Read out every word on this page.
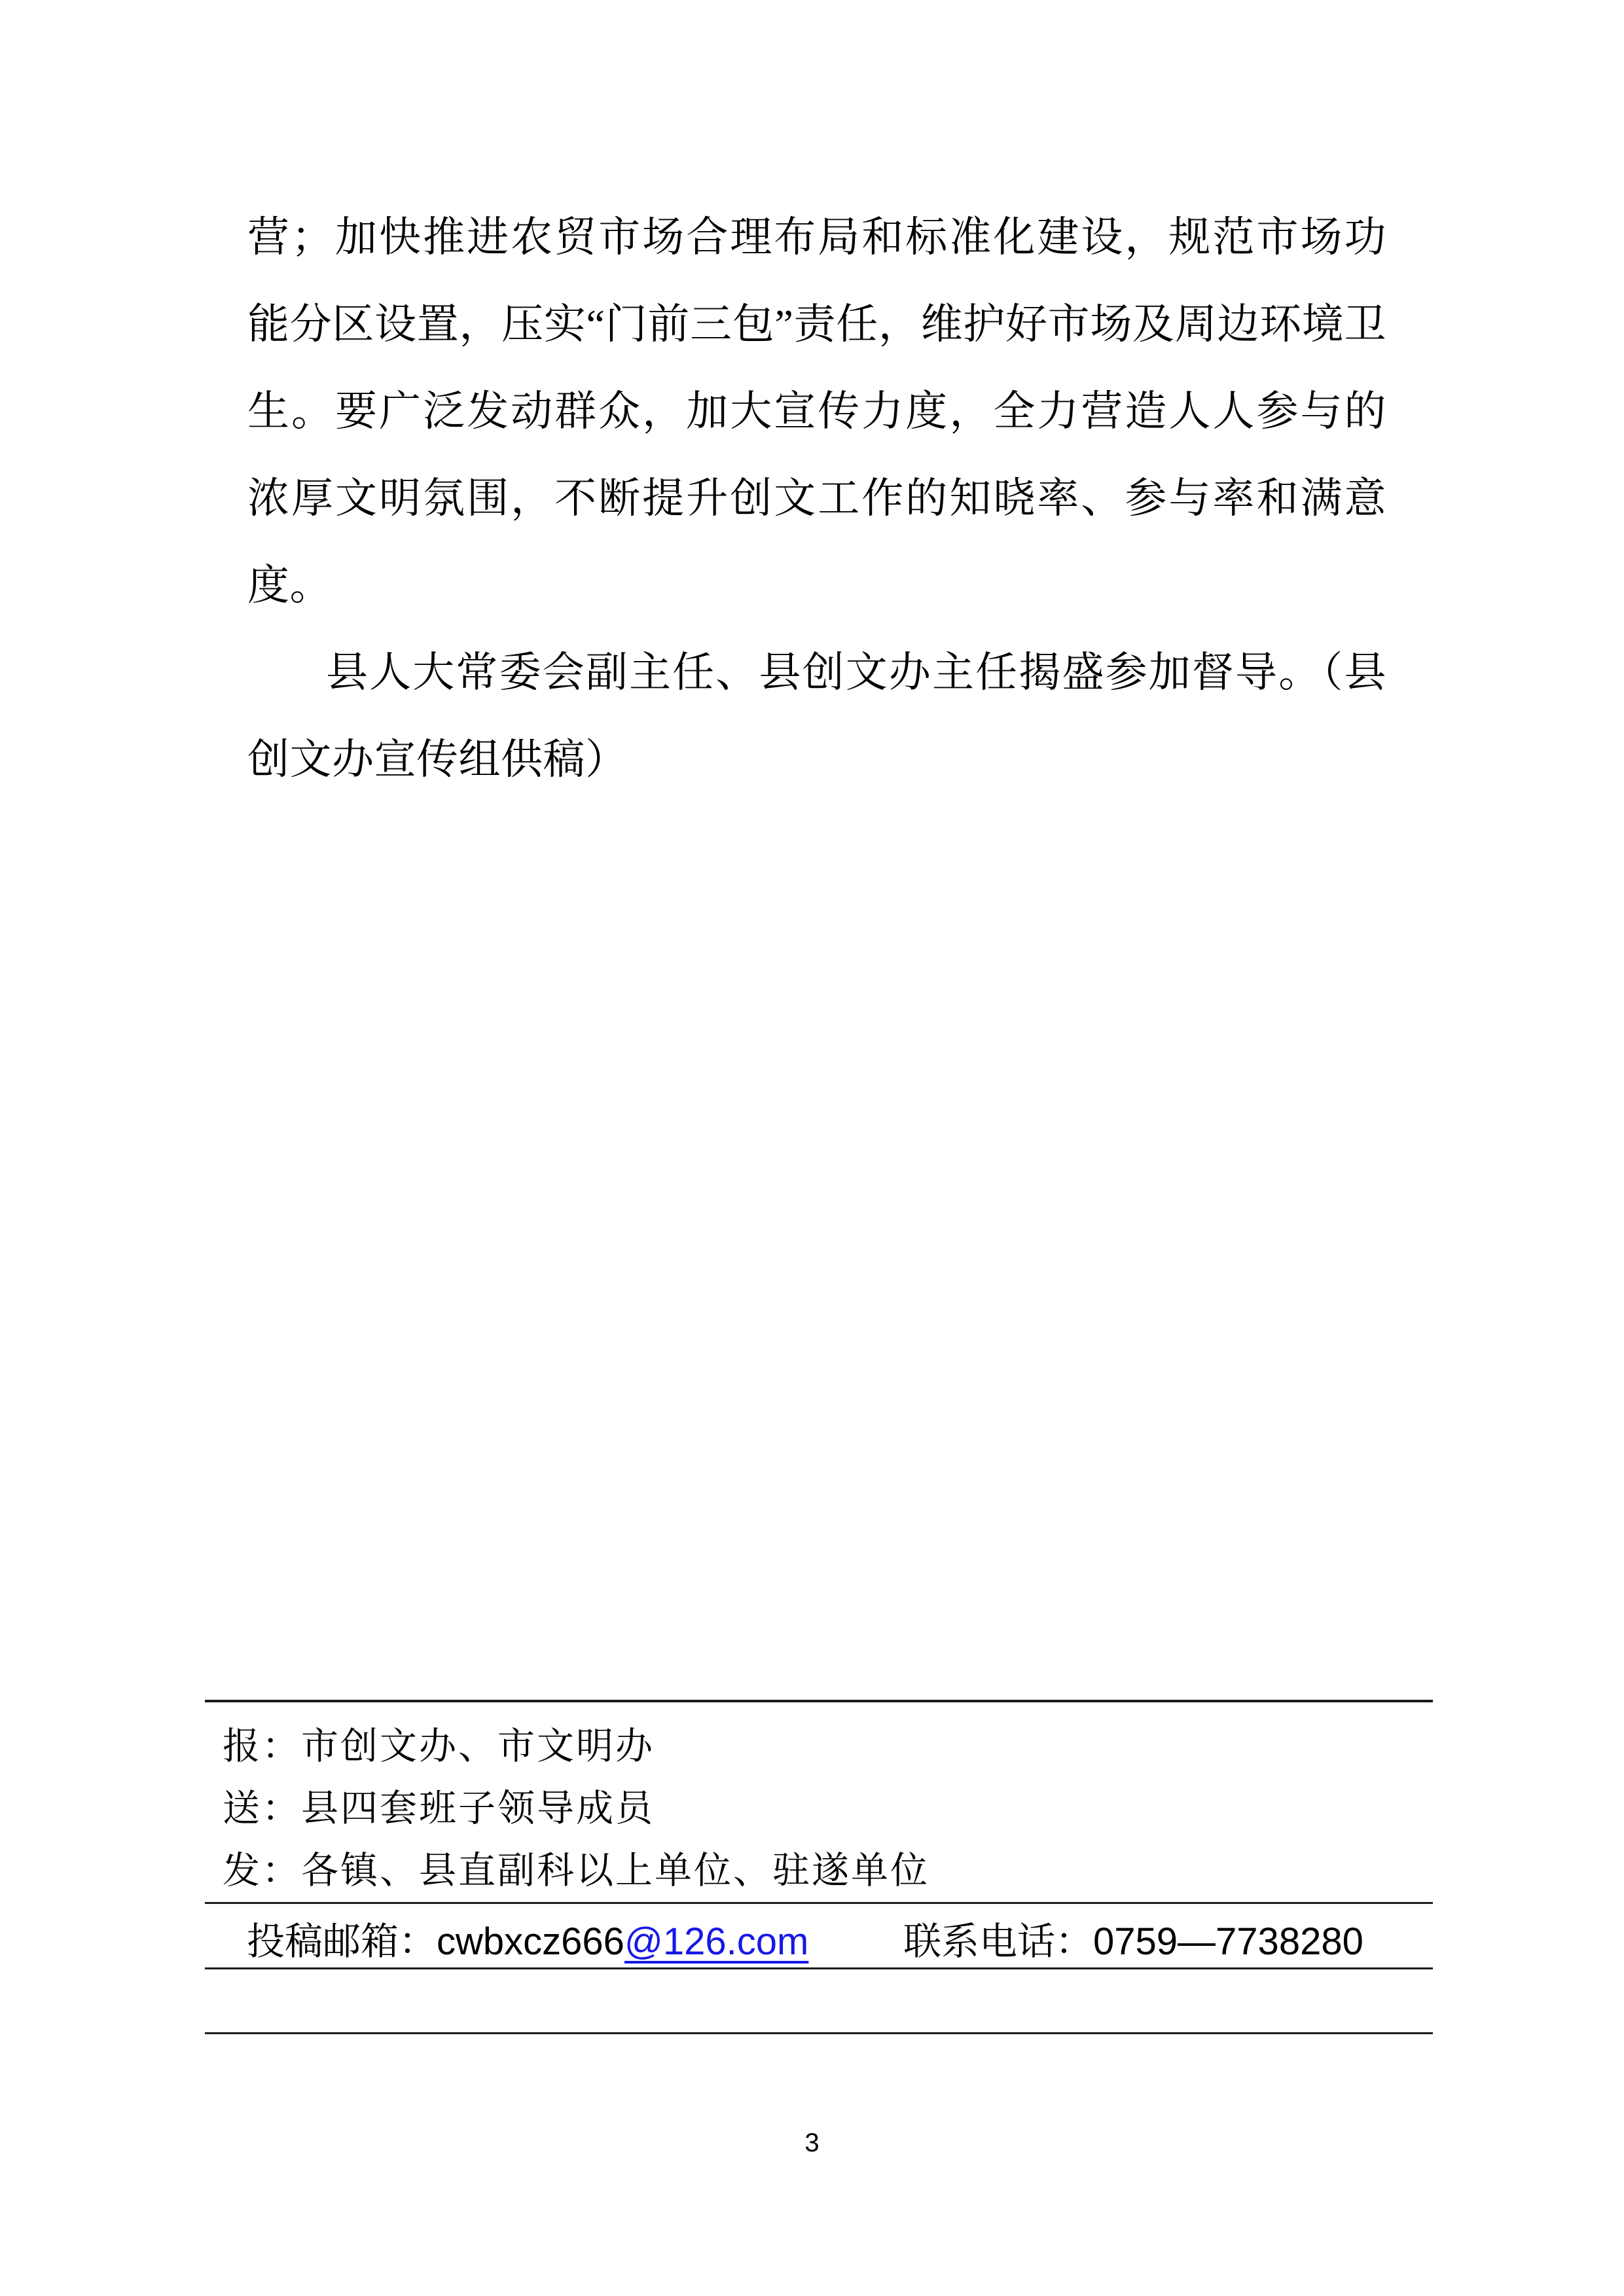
营；加快推进农贸市场合理布局和标准化建设，规范市场功能分区设置，压实“门前三包”责任，维护好市场及周边环境卫生。要广泛发动群众，加大宣传力度，全力营造人人参与的浓厚文明氛围，不断提升创文工作的知晓率、参与率和满意度。

县人大常委会副主任、县创文办主任揭盛参加督导。（县创文办宣传组供稿）

报：市创文办、市文明办
送：县四套班子领导成员
发：各镇、县直副科以上单位、驻遂单位
投稿邮箱：cwbxcz666@126.com 联系电话：0759—7738280
3
